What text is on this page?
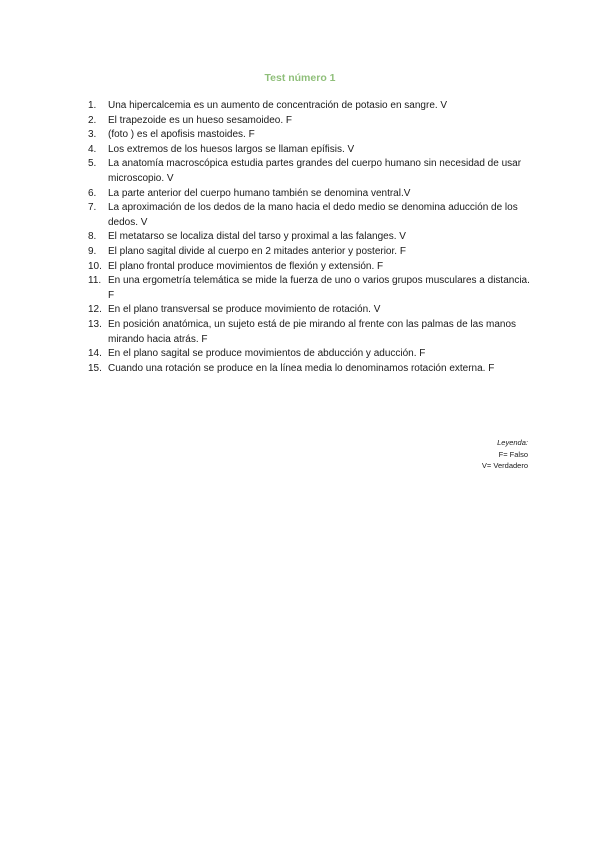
Test número 1
1.	Una hipercalcemia es un aumento de concentración de potasio en sangre. V
2.	El trapezoide es un hueso sesamoideo. F
3.	(foto ) es el apofisis mastoides. F
4.	Los extremos de los huesos largos se llaman epífisis. V
5.	La anatomía macroscópica estudia partes grandes del cuerpo humano sin necesidad de usar microscopio. V
6.	La parte anterior del cuerpo humano también se denomina ventral.V
7.	La aproximación de los dedos de la mano hacia el dedo medio se denomina aducción de los dedos. V
8.	El metatarso se localiza distal del tarso y proximal a las falanges. V
9.	El plano sagital divide al cuerpo en 2 mitades anterior y posterior. F
10. El plano frontal produce movimientos de flexión y extensión. F
11. En una ergometría telemática se mide la fuerza de uno o varios grupos musculares a distancia. F
12. En el plano transversal se produce movimiento de rotación. V
13. En posición anatómica, un sujeto está de pie mirando al frente con las palmas de las manos mirando hacia atrás. F
14. En el plano sagital se produce movimientos de abducción y aducción. F
15. Cuando una rotación se produce en la línea media lo denominamos rotación externa. F
Leyenda:
F= Falso
V= Verdadero
